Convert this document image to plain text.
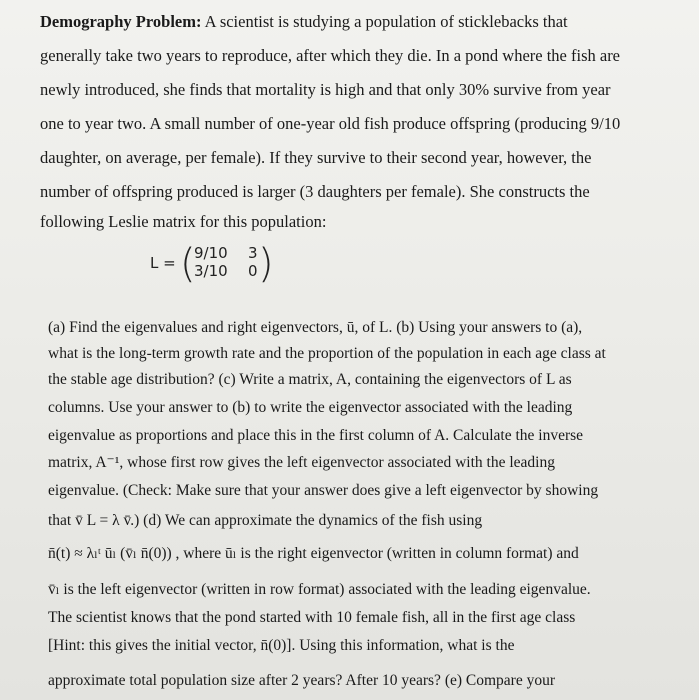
Demography Problem: A scientist is studying a population of sticklebacks that
generally take two years to reproduce, after which they die. In a pond where the fish are
newly introduced, she finds that mortality is high and that only 30% survive from year
one to year two. A small number of one-year old fish produce offspring (producing 9/10
daughter, on average, per female). If they survive to their second year, however, the
number of offspring produced is larger (3 daughters per female). She constructs the
following Leslie matrix for this population:
L = (
9/10 3
3/10 0 )
(a) Find the eigenvalues and right eigenvectors, ū, of L. (b) Using your answers to (a),
what is the long-term growth rate and the proportion of the population in each age class at
the stable age distribution? (c) Write a matrix, A, containing the eigenvectors of L as
columns. Use your answer to (b) to write the eigenvector associated with the leading
eigenvalue as proportions and place this in the first column of A. Calculate the inverse
matrix, A⁻¹, whose first row gives the left eigenvector associated with the leading
eigenvalue. (Check: Make sure that your answer does give a left eigenvector by showing
that v̄ L = λ v̄.) (d) We can approximate the dynamics of the fish using
n̄(t) ≈ λₗᵗ ūₗ (v̄ₗ n̄(0)) , where ūₗ is the right eigenvector (written in column format) and
v̄ₗ is the left eigenvector (written in row format) associated with the leading eigenvalue.
The scientist knows that the pond started with 10 female fish, all in the first age class
[Hint: this gives the initial vector, n̄(0)]. Using this information, what is the
approximate total population size after 2 years? After 10 years? (e) Compare your
